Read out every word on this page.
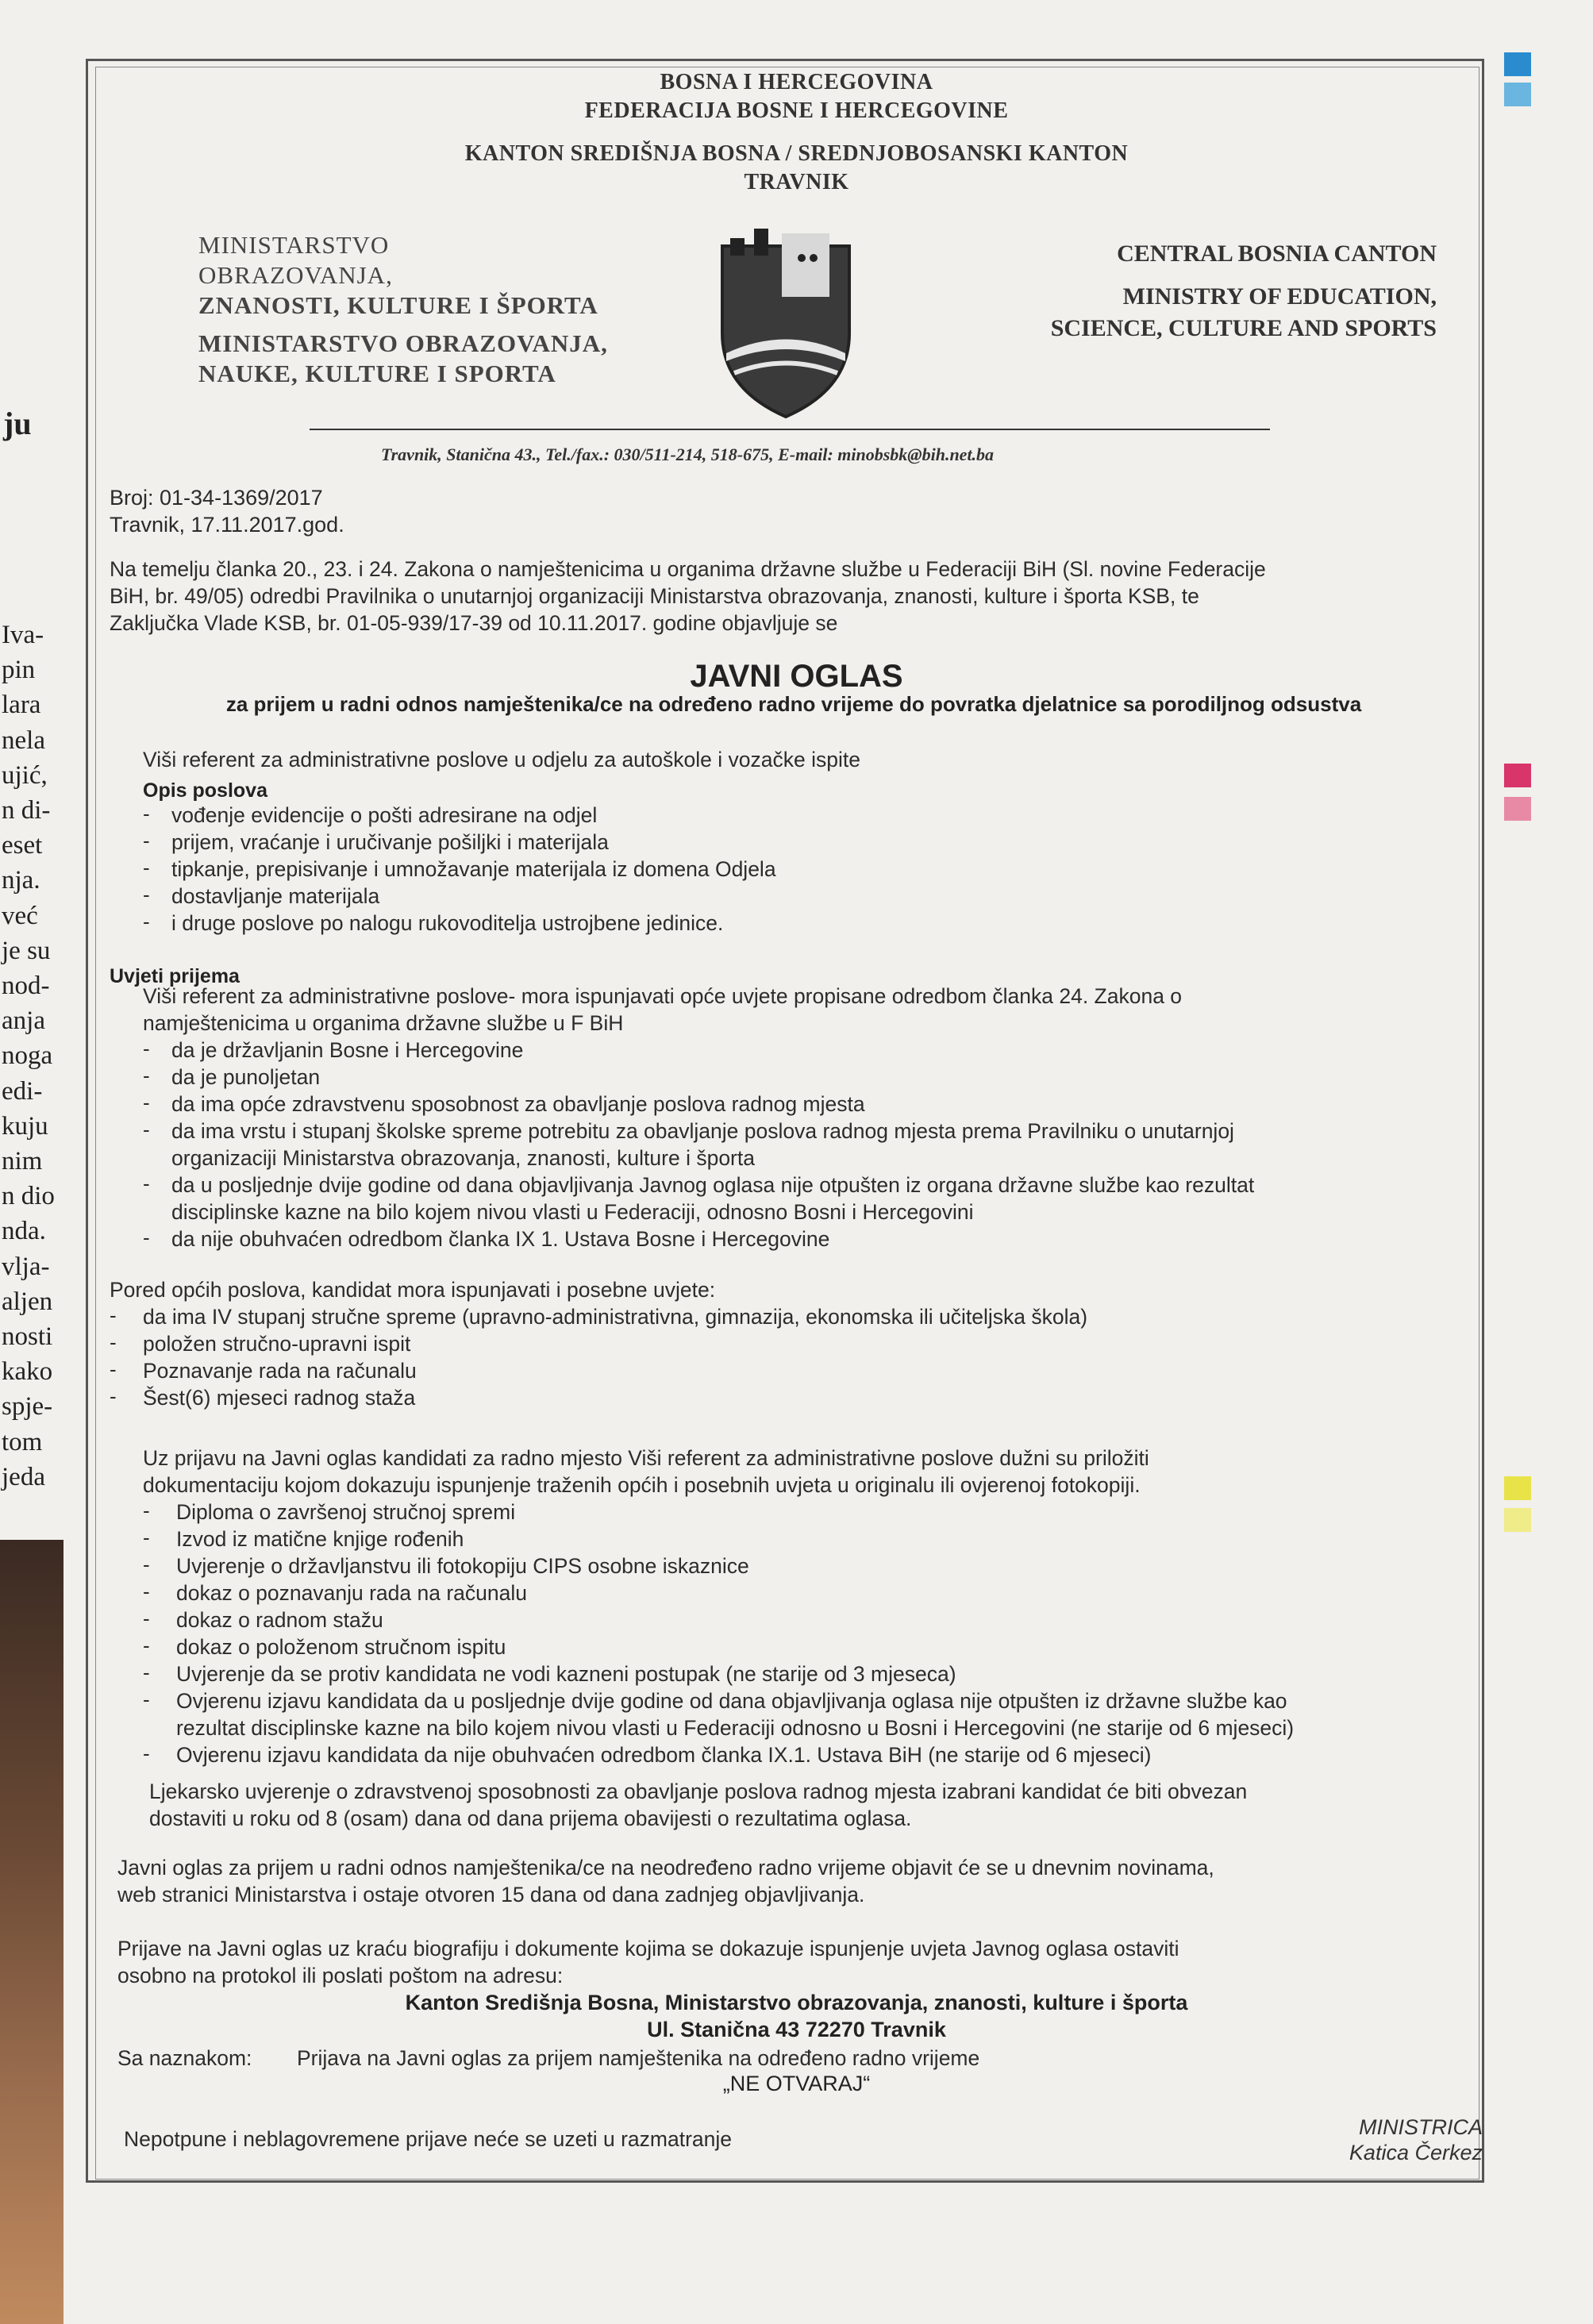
ju
Iva-
pin
lara
nela
ujić,
n di-
eset
nja.
već
je su
nod-
anja
noga
edi-
kuju
nim
n dio
nda.
vlja-
aljen
nosti
kako
spje-
tom
jeda
BOSNA I HERCEGOVINA
FEDERACIJA BOSNE I HERCEGOVINE
KANTON SREDIŠNJA BOSNA / SREDNJOBOSANSKI KANTON
TRAVNIK
MINISTARSTVO
OBRAZOVANJA,
ZNANOSTI, KULTURE I ŠPORTA
MINISTARSTVO OBRAZOVANJA,
NAUKE, KULTURE I SPORTA
CENTRAL BOSNIA CANTON
MINISTRY OF EDUCATION,
SCIENCE, CULTURE AND SPORTS
Travnik, Stanična 43., Tel./fax.: 030/511-214, 518-675, E-mail: minobsbk@bih.net.ba
Broj: 01-34-1369/2017
Travnik, 17.11.2017.god.
Na temelju članka 20., 23. i 24. Zakona o namještenicima u organima državne službe u Federaciji BiH (Sl. novine Federacije
BiH, br. 49/05) odredbi Pravilnika o unutarnjoj organizaciji Ministarstva obrazovanja, znanosti, kulture i športa KSB, te
Zaključka Vlade KSB, br. 01-05-939/17-39 od 10.11.2017. godine objavljuje se
JAVNI OGLAS
za prijem u radni odnos namještenika/ce na određeno radno vrijeme do povratka djelatnice sa porodiljnog odsustva
Viši referent za administrativne poslove u odjelu za autoškole i vozačke ispite
Opis poslova
- vođenje evidencije o pošti adresirane na odjel
- prijem, vraćanje i uručivanje pošiljki i materijala
- tipkanje, prepisivanje i umnožavanje materijala iz domena Odjela
- dostavljanje materijala
- i druge poslove po nalogu rukovoditelja ustrojbene jedinice.
Uvjeti prijema
Viši referent za administrativne poslove- mora ispunjavati opće uvjete propisane odredbom članka 24. Zakona o
namještenicima u organima državne službe u F BiH
- da je državljanin Bosne i Hercegovine
- da je punoljetan
- da ima opće zdravstvenu sposobnost za obavljanje poslova radnog mjesta
- da ima vrstu i stupanj školske spreme potrebitu za obavljanje poslova radnog mjesta prema Pravilniku o unutarnjoj
organizaciji Ministarstva obrazovanja, znanosti, kulture i športa
- da u posljednje dvije godine od dana objavljivanja Javnog oglasa nije otpušten iz organa državne službe kao rezultat
disciplinske kazne na bilo kojem nivou vlasti u Federaciji, odnosno Bosni i Hercegovini
- da nije obuhvaćen odredbom članka IX 1. Ustava Bosne i Hercegovine
Pored općih poslova, kandidat mora ispunjavati i posebne uvjete:
- da ima IV stupanj stručne spreme (upravno-administrativna, gimnazija, ekonomska ili učiteljska škola)
- položen stručno-upravni ispit
- Poznavanje rada na računalu
- Šest(6) mjeseci radnog staža
Uz prijavu na Javni oglas kandidati za radno mjesto Viši referent za administrativne poslove dužni su priložiti
dokumentaciju kojom dokazuju ispunjenje traženih općih i posebnih uvjeta u originalu ili ovjerenoj fotokopiji.
- Diploma o završenoj stručnoj spremi
- Izvod iz matične knjige rođenih
- Uvjerenje o državljanstvu ili fotokopiju CIPS osobne iskaznice
- dokaz o poznavanju rada na računalu
- dokaz o radnom stažu
- dokaz o položenom stručnom ispitu
- Uvjerenje da se protiv kandidata ne vodi kazneni postupak (ne starije od 3 mjeseca)
- Ovjerenu izjavu kandidata da u posljednje dvije godine od dana objavljivanja oglasa nije otpušten iz državne službe kao
rezultat disciplinske kazne na bilo kojem nivou vlasti u Federaciji odnosno u Bosni i Hercegovini (ne starije od 6 mjeseci)
- Ovjerenu izjavu kandidata da nije obuhvaćen odredbom članka IX.1. Ustava BiH (ne starije od 6 mjeseci)
Ljekarsko uvjerenje o zdravstvenoj sposobnosti za obavljanje poslova radnog mjesta izabrani kandidat će biti obvezan
dostaviti u roku od 8 (osam) dana od dana prijema obavijesti o rezultatima oglasa.
Javni oglas za prijem u radni odnos namještenika/ce na neodređeno radno vrijeme objavit će se u dnevnim novinama,
web stranici Ministarstva i ostaje otvoren 15 dana od dana zadnjeg objavljivanja.
Prijave na Javni oglas uz kraću biografiju i dokumente kojima se dokazuje ispunjenje uvjeta Javnog oglasa ostaviti
osobno na protokol ili poslati poštom na adresu:
Kanton Središnja Bosna, Ministarstvo obrazovanja, znanosti, kulture i športa
Ul. Stanična 43 72270 Travnik
Sa naznakom: Prijava na Javni oglas za prijem namještenika na određeno radno vrijeme
„NE OTVARAJ“
Nepotpune i neblagovremene prijave neće se uzeti u razmatranje	MINISTRICA
Katica Čerkez
